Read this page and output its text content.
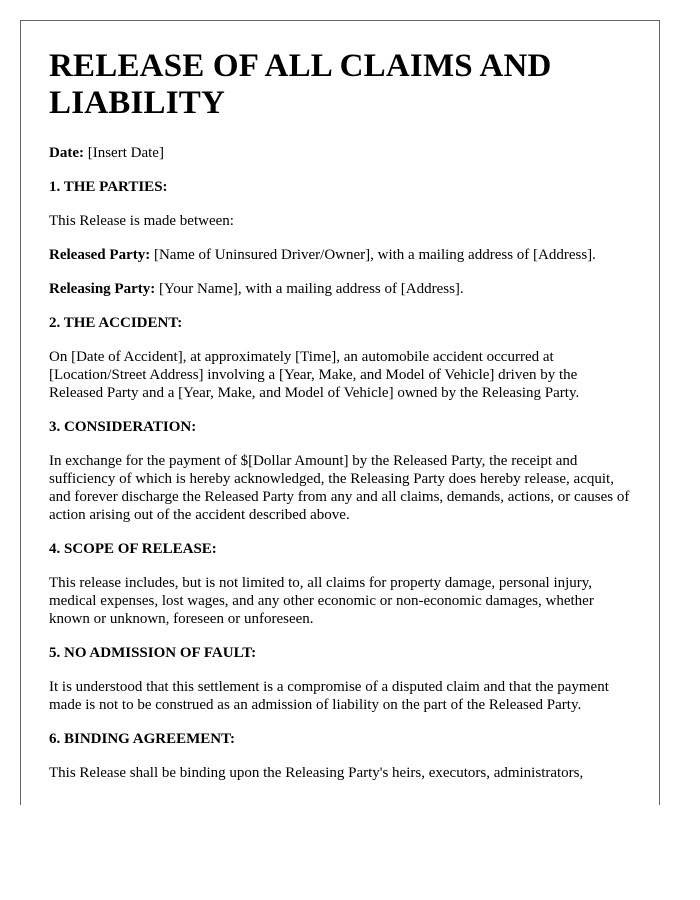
RELEASE OF ALL CLAIMS AND LIABILITY

Date: [Insert Date]

1. THE PARTIES:

This Release is made between:

Released Party: [Name of Uninsured Driver/Owner], with a mailing address of [Address].

Releasing Party: [Your Name], with a mailing address of [Address].

2. THE ACCIDENT:

On [Date of Accident], at approximately [Time], an automobile accident occurred at [Location/Street Address] involving a [Year, Make, and Model of Vehicle] driven by the Released Party and a [Year, Make, and Model of Vehicle] owned by the Releasing Party.

3. CONSIDERATION:

In exchange for the payment of $[Dollar Amount] by the Released Party, the receipt and sufficiency of which is hereby acknowledged, the Releasing Party does hereby release, acquit, and forever discharge the Released Party from any and all claims, demands, actions, or causes of action arising out of the accident described above.

4. SCOPE OF RELEASE:

This release includes, but is not limited to, all claims for property damage, personal injury, medical expenses, lost wages, and any other economic or non-economic damages, whether known or unknown, foreseen or unforeseen.

5. NO ADMISSION OF FAULT:

It is understood that this settlement is a compromise of a disputed claim and that the payment made is not to be construed as an admission of liability on the part of the Released Party.

6. BINDING AGREEMENT:

This Release shall be binding upon the Releasing Party's heirs, executors, administrators,
